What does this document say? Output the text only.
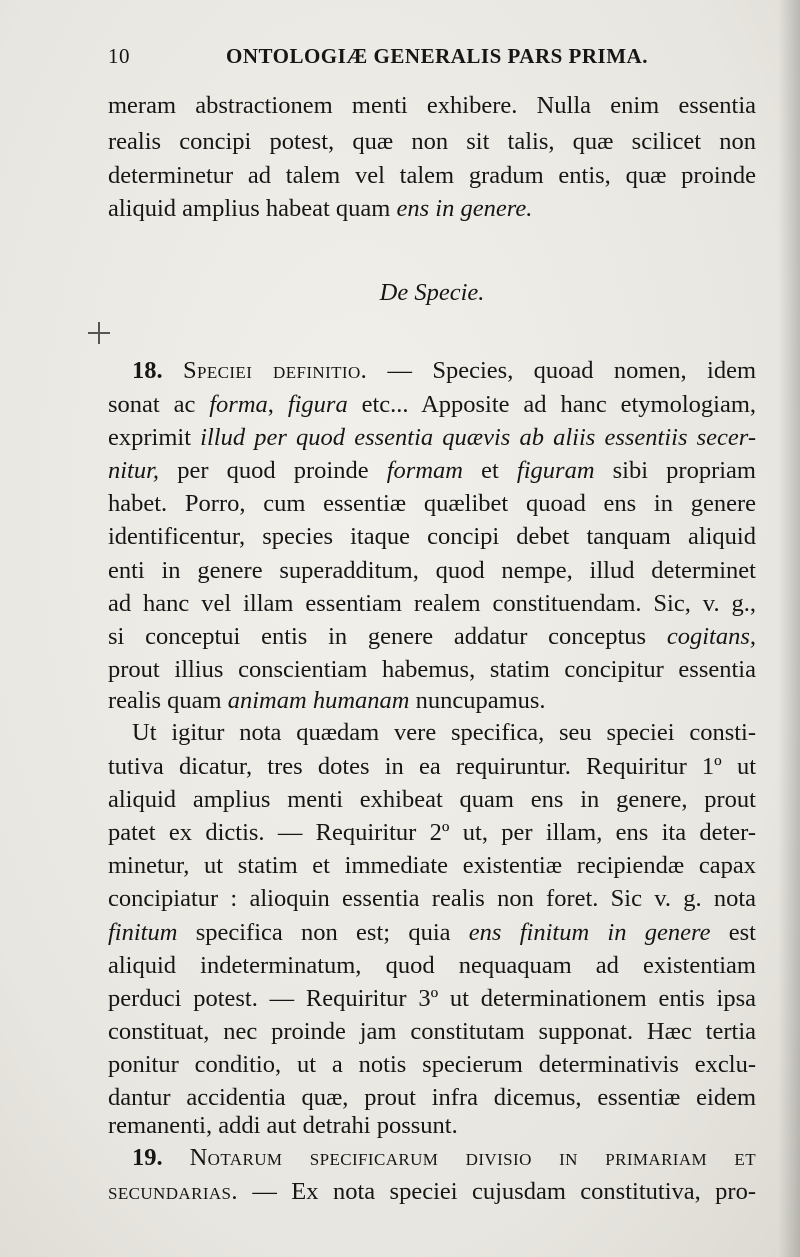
10	ONTOLOGIÆ GENERALIS PARS PRIMA.
meram abstractionem menti exhibere. Nulla enim essentia
realis concipi potest, quæ non sit talis, quæ scilicet non
determinetur ad talem vel talem gradum entis, quæ proinde
aliquid amplius habeat quam ens in genere.
De Specie.
18. Speciei definitio. — Species, quoad nomen, idem
sonat ac forma, figura etc... Apposite ad hanc etymologiam,
exprimit illud per quod essentia quævis ab aliis essentiis secer-
nitur, per quod proinde formam et figuram sibi propriam
habet. Porro, cum essentiæ quælibet quoad ens in genere
identificentur, species itaque concipi debet tanquam aliquid
enti in genere superadditum, quod nempe, illud determinet
ad hanc vel illam essentiam realem constituendam. Sic, v. g.,
si conceptui entis in genere addatur conceptus cogitans,
prout illius conscientiam habemus, statim concipitur essentia
realis quam animam humanam nuncupamus.
Ut igitur nota quædam vere specifica, seu speciei consti-
tutiva dicatur, tres dotes in ea requiruntur. Requiritur 1º ut
aliquid amplius menti exhibeat quam ens in genere, prout
patet ex dictis. — Requiritur 2º ut, per illam, ens ita deter-
minetur, ut statim et immediate existentiæ recipiendæ capax
concipiatur : alioquin essentia realis non foret. Sic v. g. nota
finitum specifica non est; quia ens finitum in genere est
aliquid indeterminatum, quod nequaquam ad existentiam
perduci potest. — Requiritur 3º ut determinationem entis ipsa
constituat, nec proinde jam constitutam supponat. Hæc tertia
ponitur conditio, ut a notis specierum determinativis exclu-
dantur accidentia quæ, prout infra dicemus, essentiæ eidem
remanenti, addi aut detrahi possunt.
19. Notarum specificarum divisio in primariam et
secundarias. — Ex nota speciei cujusdam constitutiva, pro-
